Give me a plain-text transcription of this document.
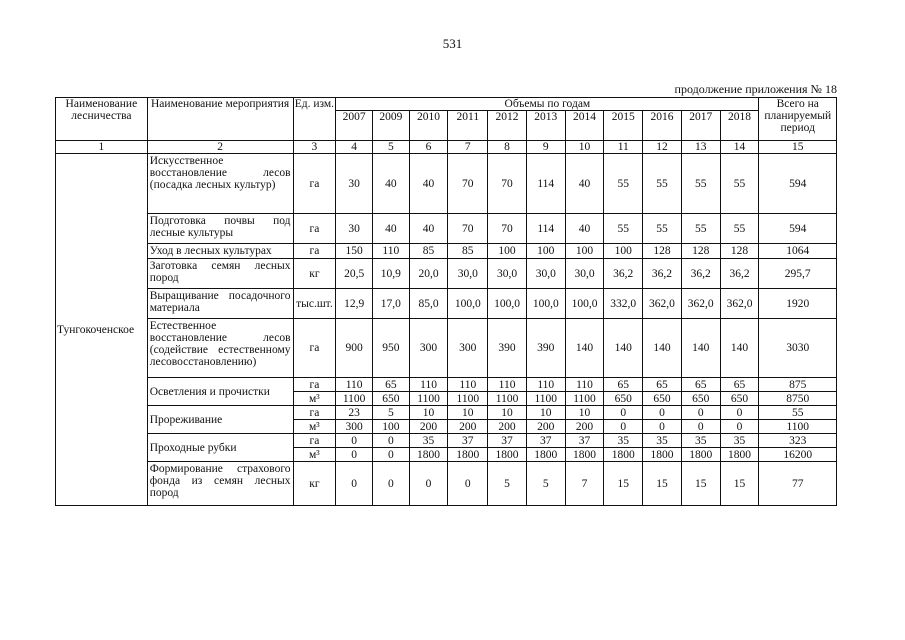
531
продолжение приложения № 18
Наименование лесничества	Наименование мероприятия	Ед. изм.	Объемы по годам											Всего на планируемый период
			2007	2009	2010	2011	2012	2013	2014	2015	2016	2017	2018	
1	2	3	4	5	6	7	8	9	10	11	12	13	14	15
Тунгокоченское	Искусственное восстановление лесов (посадка лесных культур)	га	30	40	40	70	70	114	40	55	55	55	55	594
	Подготовка почвы под лесные культуры	га	30	40	40	70	70	114	40	55	55	55	55	594
	Уход в лесных культурах	га	150	110	85	85	100	100	100	100	128	128	128	1064
	Заготовка семян лесных пород	кг	20,5	10,9	20,0	30,0	30,0	30,0	30,0	36,2	36,2	36,2	36,2	295,7
	Выращивание посадочного материала	тыс.шт.	12,9	17,0	85,0	100,0	100,0	100,0	100,0	332,0	362,0	362,0	362,0	1920
	Естественное восстановление лесов (содействие естественному лесовосстановлению)	га	900	950	300	300	390	390	140	140	140	140	140	3030
	Осветления и прочистки	га	110	65	110	110	110	110	110	65	65	65	65	875
		м³	1100	650	1100	1100	1100	1100	1100	650	650	650	650	8750
	Прореживание	га	23	5	10	10	10	10	10	0	0	0	0	55
		м³	300	100	200	200	200	200	200	0	0	0	0	1100
	Проходные рубки	га	0	0	35	37	37	37	37	35	35	35	35	323
		м³	0	0	1800	1800	1800	1800	1800	1800	1800	1800	1800	16200
	Формирование страхового фонда из семян лесных пород	кг	0	0	0	0	5	5	7	15	15	15	15	77
